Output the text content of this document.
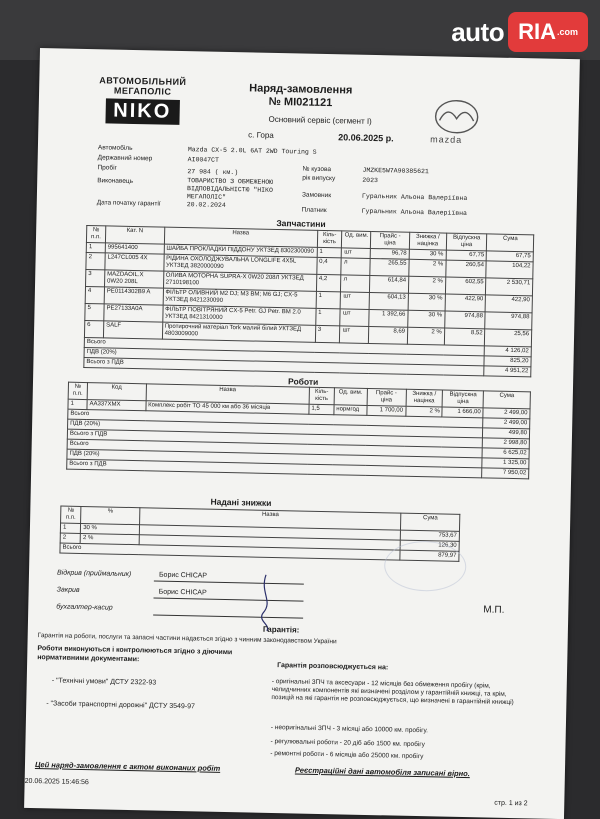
auto RIA .com
АВТОМОБІЛЬНИЙ
МЕГАПОЛІС
NIKO
Наряд-замовлення
№ МІ021121
Основний сервіс (сегмент І)
mazda
с. Гора	20.06.2025 р.
Автомобіль	Mazda CX-5 2.0L 6AT 2WD Touring S
Державний номер	AI0047CT
Пробіг
27 984 ( км.)
Виконавець	ТОВАРИСТВО З ОБМЕЖЕНОЮ ВІДПОВІДАЛЬНІСТЮ "НІКО МЕГАПОЛІС"
Дата початку гарантії	20.02.2024
№ кузова	JMZKE5W7A90385621
рік випуску	2023
Замовник	Гуральник Альона Валеріївна
Платник	Гуральник Альона Валеріївна
Запчастини
№ п.п.	Кат. N	Назва	Кіль-кість	Од. вим.	Прайс - ціна	Знижка / націнка	Відпускна ціна	Сума
1	995641400	ШАЙБА ПРОКЛАДКИ ПІДДОНУ УКТЗЕД 8302300090	1	шт	96,78	30 %	67,75	67,75
2	L247CL005 4X	РІДИНА ОХОЛОДЖУВАЛЬНА LONGLIFE 4X5L УКТЗЕД 3820000090	0,4	л	265,55	2 %	260,54	104,22
3	MAZDAOIL.X 0W20 208L	ОЛИВА МОТОРНА SUPRA-X 0W20 208Л УКТЗЕД 2710198100	4,2	л	614,84	2 %	602,55	2 530,71
4	PE0114302B9 A	ФІЛЬТР ОЛИВНИЙ M2 DJ; M3 BM; M6 GJ; CX-5 УКТЗЕД 8421230090	1	шт	604,13	30 %	422,90	422,90
5	PE27133A0A	ФІЛЬТР ПОВІТРЯНИЙ CX-5 Petr. GJ Petr. BM 2.0 УКТЗЕД 8421310000	1	шт	1 392,66	30 %	974,88	974,88
6	SALF	Протирочний матеріал Tork малий білий УКТЗЕД 4803009000	3	шт	8,69	2 %	8,52	25,56
Всього								4 126,02
ПДВ (20%)								825,20
Всього з ПДВ								4 951,22
Роботи
№ п.п.	Код	Назва	Кіль-кість	Од. вим.	Прайс - ціна	Знижка / націнка	Відпускна ціна	Сума
1	AA337XMX	Комплекс робіт ТО 45 000 км або 36 місяців	1,5	нормгод	1 700,00	2 %	1 666,00	2 499,00
Всього								2 499,00
ПДВ (20%)								499,80
Всього з ПДВ								2 998,80
Всього								6 625,02
ПДВ (20%)								1 325,00
Всього з ПДВ								7 950,02
Надані знижки
№ п.п.	%	Назва	Сума
1	30 %		753,67
2	2 %		126,30
Всього			879,97
Відкрив (приймальник)	Борис СНІСАР
Закрив	Борис СНІСАР
бухгалтер-касир	М.П.
Гарантія:
Гарантія на роботи, послуги та запасні частини надається згідно з чинним законодавством України
Роботи виконуються і контролюються згідно з діючими нормативними документами:
- "Технічні умови" ДСТУ 2322-93
- "Засоби транспортні дорожні" ДСТУ 3549-97
Гарантія розповсюджується на:
- оригінальні ЗПЧ та аксесуари - 12 місяців без обмеження пробігу (крім, челидчинних компонентів які визначені розділом у гарантійній книжці, та крім, позицій на які гарантія не розповсюджується, що визначені в гарантійній книжці)
- неоригінальні ЗПЧ - 3 місяці або 10000 км. пробігу.
- регулювальні роботи - 20 діб або 1500 км. пробігу
- ремонтні роботи - 6 місяців або 25000 км. пробігу
Цей наряд-замовлення є актом виконаних робіт	Реєстраційні дані автомобіля записані вірно.
20.06.2025 15:46:56
стр. 1 из 2
